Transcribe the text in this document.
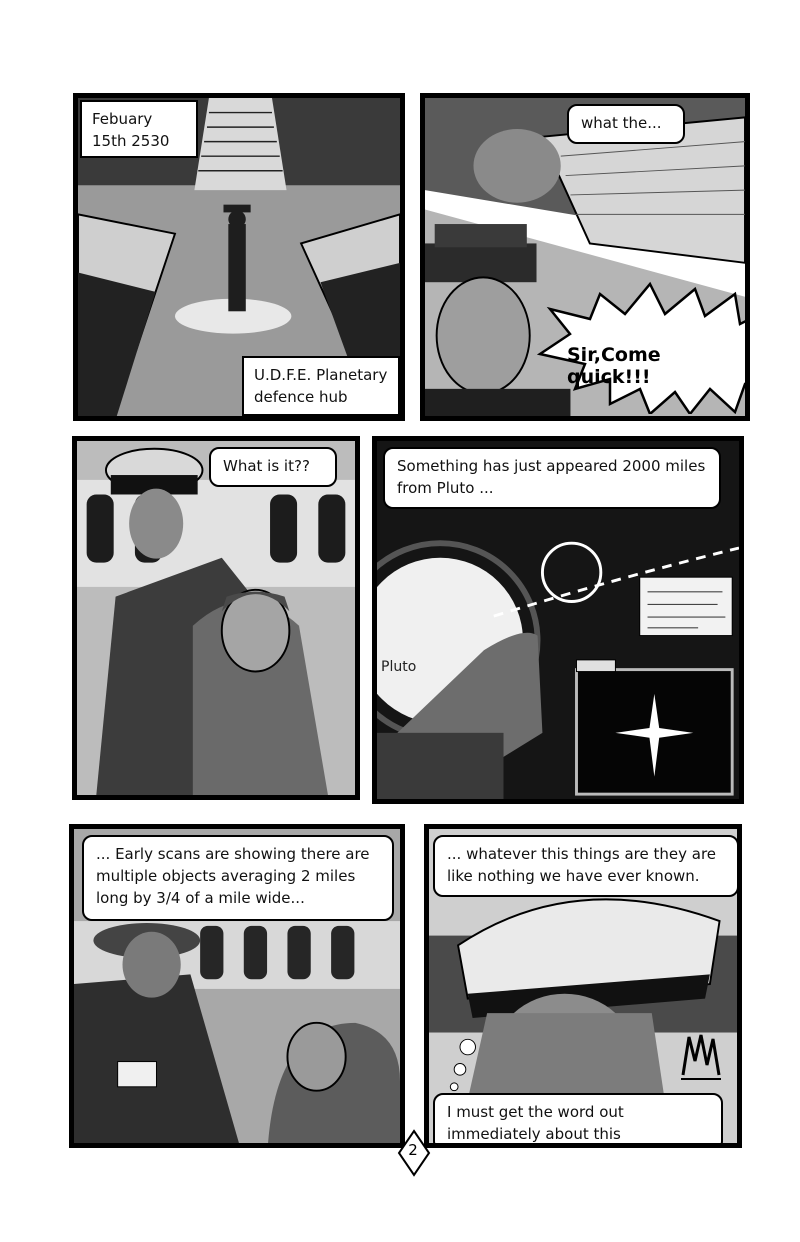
Febuary 15th 2530
U.D.F.E. Planetary defence hub
what the...
Sir,Come quick!!!
What is it??	Something has just appeared 2000 miles from Pluto ...
Pluto
... Early scans are showing there are multiple objects averaging 2 miles long by 3/4 of a mile wide...
... whatever this things are they are like nothing we have ever known.
I must get the word out immediately about this
2
